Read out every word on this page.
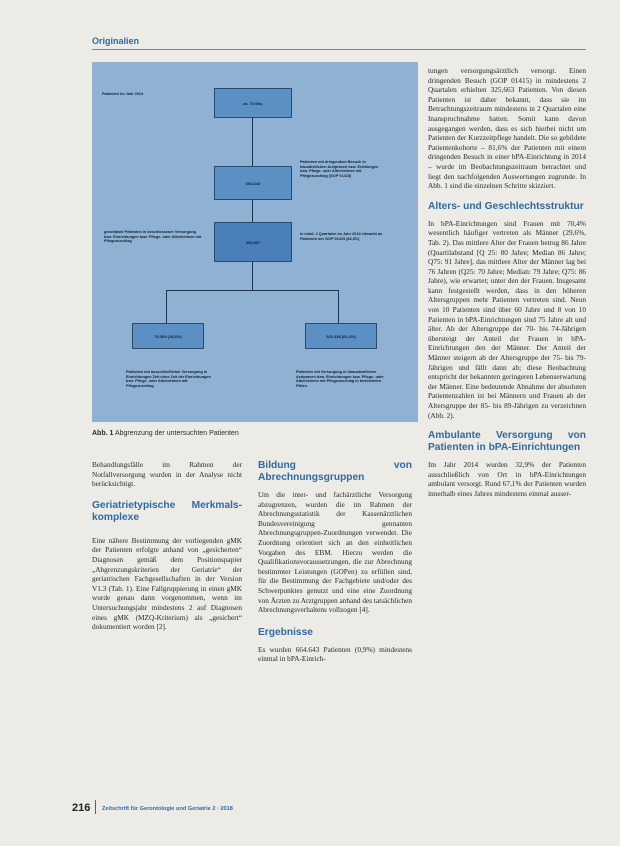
Originalien
Patienten im Jahr 2014
ca. 70 Mio.
664.643
Patienten mit dringendem Besuch in hausärztlichen Arztpraxen bzw. Erteilungen bzw. Pflege- oder Altenheimen mit Pflegezuschlag (GOP 01415)
393.807
geschätzte Patienten in beschlossener Versorgung bzw. Einrichtungen bzw. Pflege- oder Altenheimen mit Pflegezuschlag
in mind. 2 Quartalen im Jahr 2014 erbracht an Patienten der GOP 01415 (84,3%)
73.369 (18,6%)	320.438 (81,4%)
Patienten mit ausschließlicher Versorgung in Einrichtungen Zeit ohne Zeit der Einrichtungen bzw. Pflege- oder Altenheimen mit Pflegezuschlag
Patienten mit Versorgung in bhausärztlichen Arztpraxen bzw. Einrichtungen bzw. Pflege- oder Altenheimen mit Pflegezuschlag in bestimmten Fällen
Abb. 1 Abgrenzung der untersuchten Patienten

Behandlungsfälle im Rahmen der Notfallversorgung wurden in der Analyse nicht berücksichtigt.

Geriatrietypische Merkmals-komplexe

Eine nähere Bestimmung der vorliegenden gMK der Patienten erfolgte anhand von „gesicherten“ Diagnosen gemäß dem Positionspapier „Abgrenzungskriterien der Geriatrie“ der geriatrischen Fachgesellschaften in der Version V1.3 (Tab. 1). Eine Fallgruppierung in einen gMK wurde genau dann vorgenommen, wenn im Untersuchungsjahr mindestens 2 auf Diagnosen eines gMK (MZQ-Kriterium) als „gesichert“ dokumentiert worden [2].

Bildung von Abrechnungsgruppen

Um die inter- und fachärztliche Versorgung abzugrenzen, wurden die im Rahmen der Abrechnungsstatistik der Kassenärztlichen Bundesvereinigung gennanten Abrechnungsgruppen-Zuordnungen verwendet. Die Zuordnung orientiert sich an den einheitlichen Vorgaben des EBM. Hierzu werden die Qualifikationsvoraussetzungen, die zur Abrechnung bestimmter Leistungen (GOPen) zu erfüllen sind, für die Bestimmung der Fachgebiete und/oder des Schwerpunktes genutzt und eine eine Zuordnung von Ärzten zu Arztgruppen anhand des tatsächlichen Abrechnungsverhaltens vollzogen [4].

Ergebnisse

Es wurden 664.643 Patienten (0,9%) mindestens einmal in bPA-Einrich-

tungen versorgungsärztlich versorgt. Einen dringenden Besuch (GOP 01415) in mindestens 2 Quartalen erhielten 325,663 Patienten. Von diesen Patienten ist daher bekannt, dass sie im Betrachtungszeitraum mindestens in 2 Quartalen eine Inanspruchnahme hatten. Somit kann davon ausgegangen werden, dass es sich hierbei nicht um Patienten der Kurzzeitpflege handelt. Die so gebildete Patientenkohorte – 81,6% der Patienten mit einem dringenden Besuch in einer bPA-Einrichtung in 2014 – wurde im Beobachtungszeitraum betrachtet und liegt den nachfolgenden Auswertungen zugrunde. In Abb. 1 sind die einzelnen Schritte skizziert.

Alters- und Geschlechtsstruktur

In bPA-Einrichtungen sind Frauen mit 70,4% wesentlich häufiger vertreten als Männer (29,6%, Tab. 2). Das mittlere Alter der Frauen betrug 86 Jahre (Quartilabstand [Q 25: 80 Jahre; Median 86 Jahre; Q75: 91 Jahre], das mittlere Alter der Männer lag bei 76 Jahren (Q25: 70 Jahre; Median: 79 Jahre; Q75: 86 Jahre), wie erwartet; unter den der Frauen. Insgesamt kann festgestellt werden, dass in den höheren Altersgruppen mehr Patienten vertreten sind. Neun von 10 Patienten sind über 60 Jahre und 8 von 10 Patienten in bPA-Einrichtungen sind 75 Jahre alt und älter. Ab der Altersgruppe der 70- bis 74-Jährigen übersteigt der Anteil der Frauen in bPA-Einrichtungen den der Männer. Der Anteil der Männer steigern ab der Altersgruppe der 75- bis 79-Jährigen und fällt dann ab; diese Beobachtung entspricht der bekannten geringeren Lebenserwartung der Männer. Eine bedeutende Abnahme der absoluten Patientenzahlen ist bei Männern und Frauen ab der Altersgruppe der 85- bis 89-Jährigen zu verzeichnen (Abb. 2).

Ambulante Versorgung von Patienten in bPA-Einrichtungen

Im Jahr 2014 wurden 32,9% der Patienten ausschließlich von Ort in bPA-Einrichtungen ambulant versorgt. Rund 67,1% der Patienten wurden innerhalb eines Jahres mindestens einmal ausser-

216 Zeitschrift für Gerontologie und Geriatrie 2 · 2018
